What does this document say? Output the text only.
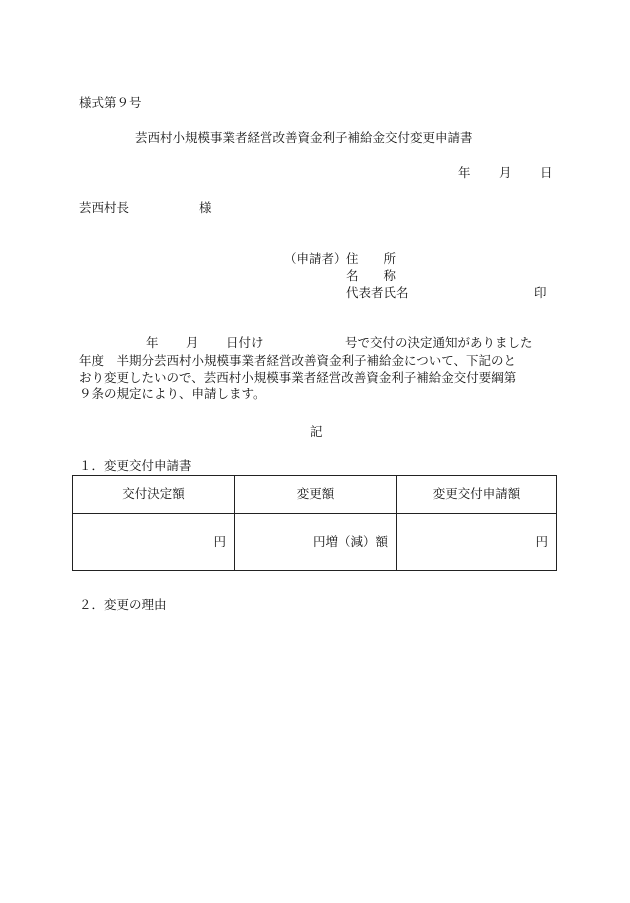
様式第９号
芸西村小規模事業者経営改善資金利子補給金交付変更申請書
年 月 日
芸西村長	様
（申請者） 住　　所
名　　称
代表者氏名	印
年 月 日付け	号で交付の決定通知がありました
年度　半期分芸西村小規模事業者経営改善資金利子補給金について、下記のと
おり変更したいので、芸西村小規模事業者経営改善資金利子補給金交付要綱第
９条の規定により、申請します。
記
１．変更交付申請書
交付決定額	変更額	変更交付申請額
円	円増（減）額	円
２．変更の理由
